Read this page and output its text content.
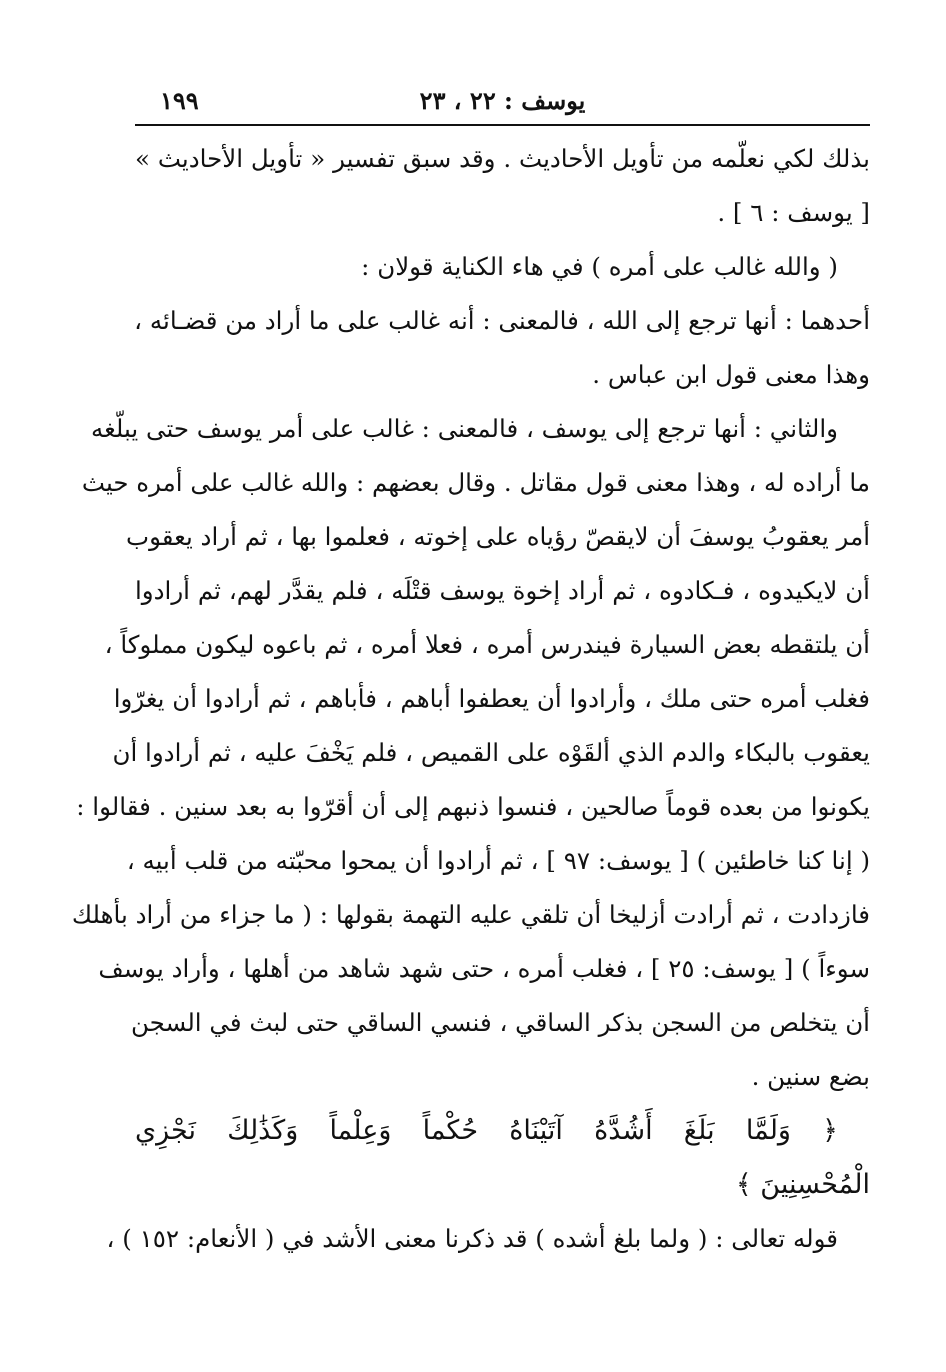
١٩٩	يوسف : ٢٢ ، ٢٣
بذلك لكي نعلّمه من تأويل الأحاديث . وقد سبق تفسير « تأويل الأحاديث »
[ يوسف : ٦ ] .
( والله غالب على أمره ) في هاء الكناية قولان :
أحدهما : أنها ترجع إلى الله ، فالمعنى : أنه غالب على ما أراد من قضـائه ،
وهذا معنى قول ابن عباس .
والثاني : أنها ترجع إلى يوسف ، فالمعنى : غالب على أمر يوسف حتى يبلّغه
ما أراده له ، وهذا معنى قول مقاتل . وقال بعضهم : والله غالب على أمره حيث
أمر يعقوبُ يوسفَ أن لايقصّ رؤياه على إخوته ، فعلموا بها ، ثم أراد يعقوب
أن لايكيدوه ، فـكادوه ، ثم أراد إخوة يوسف قتْلَه ، فلم يقدَّر لهم، ثم أرادوا
أن يلتقطه بعض السيارة فيندرس أمره ، فعلا أمره ، ثم باعوه ليكون مملوكاً ،
فغلب أمره حتى ملك ، وأرادوا أن يعطفوا أباهم ، فأباهم ، ثم أرادوا أن يغرّوا
يعقوب بالبكاء والدم الذي ألقَوْه على القميص ، فلم يَخْفَ عليه ، ثم أرادوا أن
يكونوا من بعده قوماً صالحين ، فنسوا ذنبهم إلى أن أقرّوا به بعد سنين . فقالوا :
( إنا كنا خاطئين ) [ يوسف: ٩٧ ] ، ثم أرادوا أن يمحوا محبّته من قلب أبيه ،
فازدادت ، ثم أرادت أزليخا أن تلقي عليه التهمة بقولها : ( ما جزاء من أراد بأهلك
سوءاً ) [ يوسف: ٢٥ ] ، فغلب أمره ، حتى شهد شاهد من أهلها ، وأراد يوسف
أن يتخلص من السجن بذكر الساقي ، فنسي الساقي حتى لبث في السجن
بضع سنين .
﴿ وَلَمَّا بَلَغَ أَشُدَّهُ آتَيْنَاهُ حُكْماً وَعِلْماً وَكَذَٰلِكَ نَجْزِي
الْمُحْسِنِينَ ﴾
قوله تعالى : ( ولما بلغ أشده ) قد ذكرنا معنى الأشد في ( الأنعام: ١٥٢ ) ،
